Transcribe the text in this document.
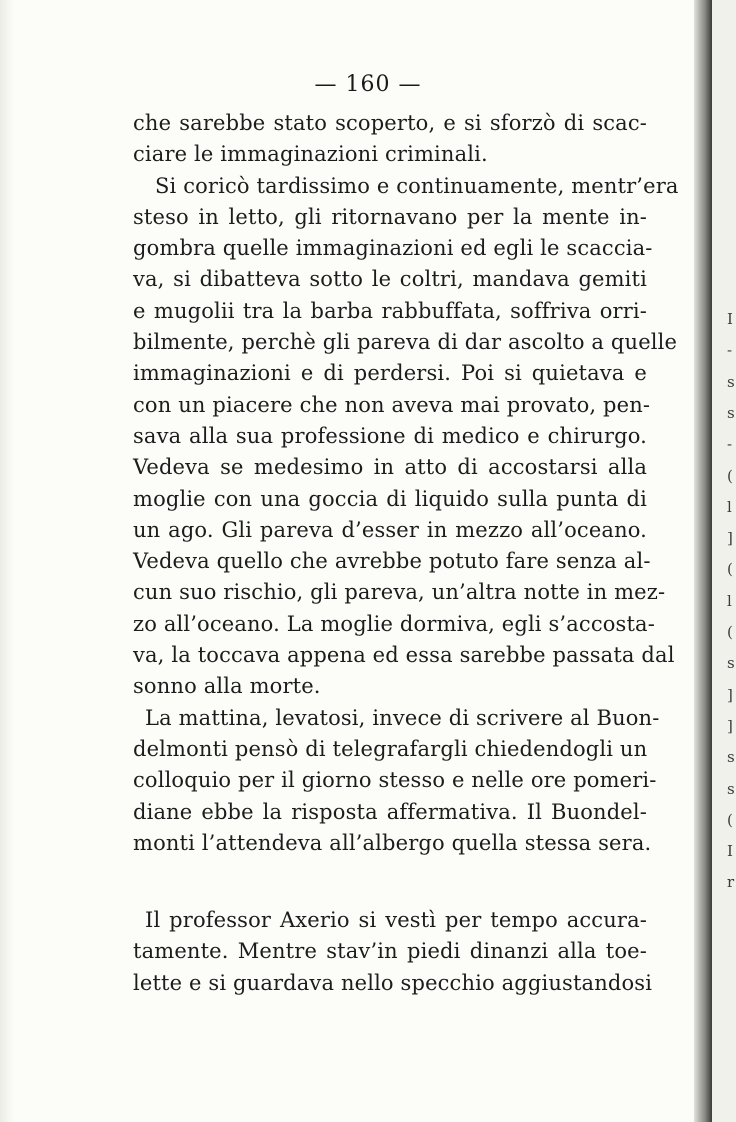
— 160 —
che sarebbe stato scoperto, e si sforzò di scac-
ciare le immaginazioni criminali.
Si coricò tardissimo e continuamente, mentr’era
steso in letto, gli ritornavano per la mente in-
gombra quelle immaginazioni ed egli le scaccia-
va, si dibatteva sotto le coltri, mandava gemiti
e mugolii tra la barba rabbuffata, soffriva orri-
bilmente, perchè gli pareva di dar ascolto a quelle
immaginazioni e di perdersi. Poi si quietava e
con un piacere che non aveva mai provato, pen-
sava alla sua professione di medico e chirurgo.
Vedeva se medesimo in atto di accostarsi alla
moglie con una goccia di liquido sulla punta di
un ago. Gli pareva d’esser in mezzo all’oceano.
Vedeva quello che avrebbe potuto fare senza al-
cun suo rischio, gli pareva, un’altra notte in mez-
zo all’oceano. La moglie dormiva, egli s’accosta-
va, la toccava appena ed essa sarebbe passata dal
sonno alla morte.
La mattina, levatosi, invece di scrivere al Buon-
delmonti pensò di telegrafargli chiedendogli un
colloquio per il giorno stesso e nelle ore pomeri-
diane ebbe la risposta affermativa. Il Buondel-
monti l’attendeva all’albergo quella stessa sera.
Il professor Axerio si vestì per tempo accura-
tamente. Mentre stav’in piedi dinanzi alla toe-
lette e si guardava nello specchio aggiustandosi
I
-
s
s
-
(
l
]
(
l
(
s
]
]
s
s
(
I
r
